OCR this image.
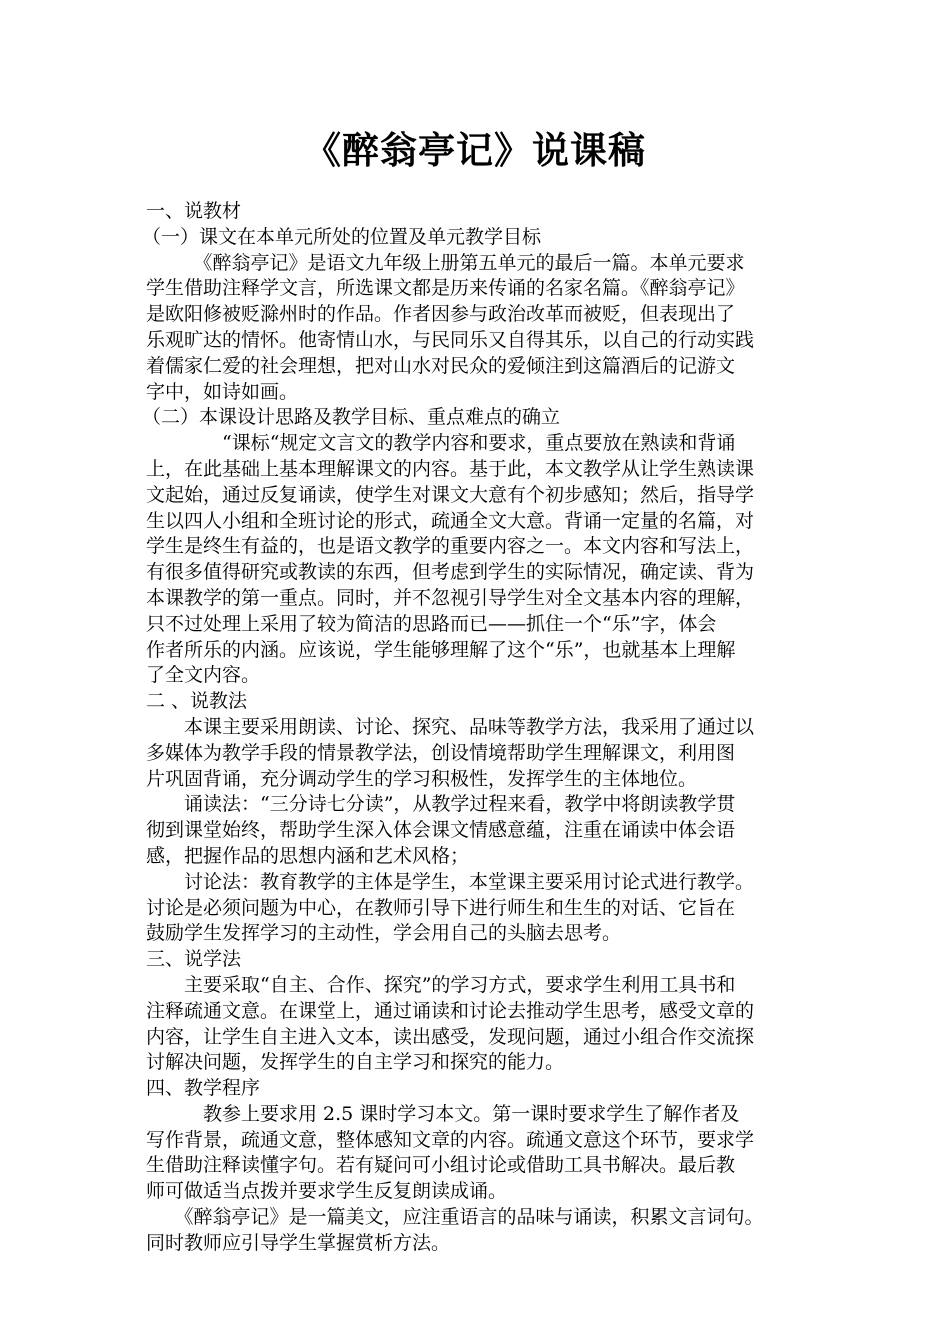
《醉翁亭记》说课稿
一、说教材
（一）课文在本单元所处的位置及单元教学目标
　　　《醉翁亭记》是语文九年级上册第五单元的最后一篇。本单元要求
学生借助注释学文言，所选课文都是历来传诵的名家名篇。《醉翁亭记》
是欧阳修被贬滁州时的作品。作者因参与政治改革而被贬，但表现出了
乐观旷达的情怀。他寄情山水，与民同乐又自得其乐，以自己的行动实践
着儒家仁爱的社会理想，把对山水对民众的爱倾注到这篇酒后的记游文
字中，如诗如画。
（二）本课设计思路及教学目标、重点难点的确立
　　　　“课标“规定文言文的教学内容和要求，重点要放在熟读和背诵
上，在此基础上基本理解课文的内容。基于此，本文教学从让学生熟读课
文起始，通过反复诵读，使学生对课文大意有个初步感知；然后，指导学
生以四人小组和全班讨论的形式，疏通全文大意。背诵一定量的名篇，对
学生是终生有益的，也是语文教学的重要内容之一。本文内容和写法上，
有很多值得研究或教读的东西，但考虑到学生的实际情况，确定读、背为
本课教学的第一重点。同时，并不忽视引导学生对全文基本内容的理解，
只不过处理上采用了较为简洁的思路而已——抓住一个“乐”字，体会
作者所乐的内涵。应该说，学生能够理解了这个“乐”，也就基本上理解
了全文内容。
二 、说教法
　　本课主要采用朗读、讨论、探究、品味等教学方法，我采用了通过以
多媒体为教学手段的情景教学法，创设情境帮助学生理解课文，利用图
片巩固背诵，充分调动学生的学习积极性，发挥学生的主体地位。
　　诵读法：“三分诗七分读”，从教学过程来看，教学中将朗读教学贯
彻到课堂始终，帮助学生深入体会课文情感意蕴，注重在诵读中体会语
感，把握作品的思想内涵和艺术风格；
　　讨论法：教育教学的主体是学生，本堂课主要采用讨论式进行教学。
讨论是必须问题为中心，在教师引导下进行师生和生生的对话、它旨在
鼓励学生发挥学习的主动性，学会用自己的头脑去思考。
三、说学法
　　主要采取“自主、合作、探究”的学习方式，要求学生利用工具书和
注释疏通文意。在课堂上，通过诵读和讨论去推动学生思考，感受文章的
内容，让学生自主进入文本，读出感受，发现问题，通过小组合作交流探
讨解决问题，发挥学生的自主学习和探究的能力。
四、教学程序
　　　教参上要求用 2.5 课时学习本文。第一课时要求学生了解作者及
写作背景，疏通文意，整体感知文章的内容。疏通文意这个环节，要求学
生借助注释读懂字句。若有疑问可小组讨论或借助工具书解决。最后教
师可做适当点拨并要求学生反复朗读成诵。
　　《醉翁亭记》是一篇美文，应注重语言的品味与诵读，积累文言词句。
同时教师应引导学生掌握赏析方法。
